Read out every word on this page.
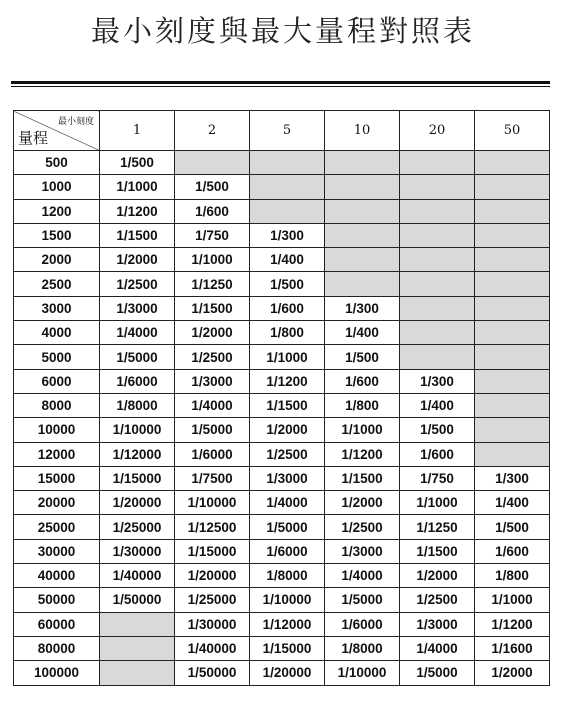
最小刻度與最大量程對照表
最小刻度
量程	1	2	5	10	20	50
500	1/500					
1000	1/1000	1/500				
1200	1/1200	1/600				
1500	1/1500	1/750	1/300			
2000	1/2000	1/1000	1/400			
2500	1/2500	1/1250	1/500			
3000	1/3000	1/1500	1/600	1/300		
4000	1/4000	1/2000	1/800	1/400		
5000	1/5000	1/2500	1/1000	1/500		
6000	1/6000	1/3000	1/1200	1/600	1/300	
8000	1/8000	1/4000	1/1500	1/800	1/400	
10000	1/10000	1/5000	1/2000	1/1000	1/500	
12000	1/12000	1/6000	1/2500	1/1200	1/600	
15000	1/15000	1/7500	1/3000	1/1500	1/750	1/300
20000	1/20000	1/10000	1/4000	1/2000	1/1000	1/400
25000	1/25000	1/12500	1/5000	1/2500	1/1250	1/500
30000	1/30000	1/15000	1/6000	1/3000	1/1500	1/600
40000	1/40000	1/20000	1/8000	1/4000	1/2000	1/800
50000	1/50000	1/25000	1/10000	1/5000	1/2500	1/1000
60000		1/30000	1/12000	1/6000	1/3000	1/1200
80000		1/40000	1/15000	1/8000	1/4000	1/1600
100000		1/50000	1/20000	1/10000	1/5000	1/2000
